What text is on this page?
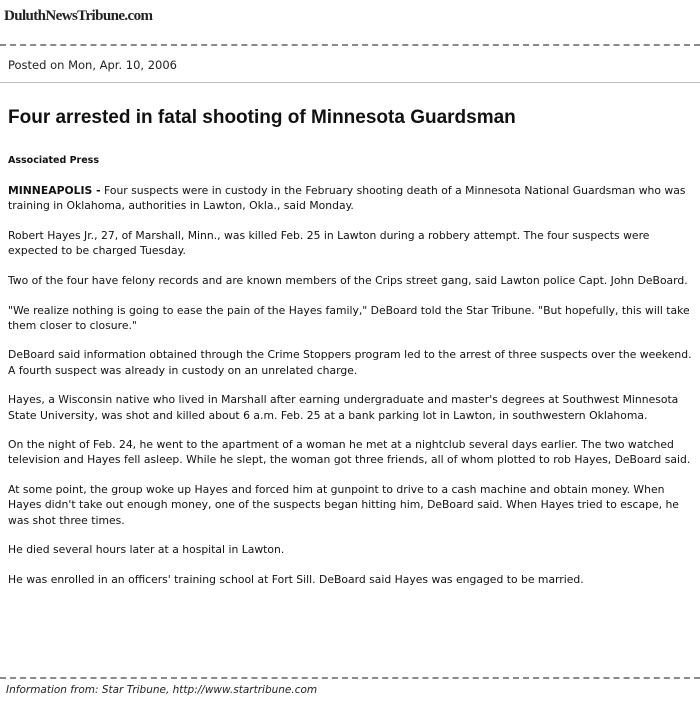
DuluthNewsTribune.com
Posted on Mon, Apr. 10, 2006
Four arrested in fatal shooting of Minnesota Guardsman
Associated Press

MINNEAPOLIS - Four suspects were in custody in the February shooting death of a Minnesota National Guardsman who was training in Oklahoma, authorities in Lawton, Okla., said Monday.

Robert Hayes Jr., 27, of Marshall, Minn., was killed Feb. 25 in Lawton during a robbery attempt. The four suspects were expected to be charged Tuesday.

Two of the four have felony records and are known members of the Crips street gang, said Lawton police Capt. John DeBoard.

"We realize nothing is going to ease the pain of the Hayes family," DeBoard told the Star Tribune. "But hopefully, this will take them closer to closure."

DeBoard said information obtained through the Crime Stoppers program led to the arrest of three suspects over the weekend. A fourth suspect was already in custody on an unrelated charge.

Hayes, a Wisconsin native who lived in Marshall after earning undergraduate and master's degrees at Southwest Minnesota State University, was shot and killed about 6 a.m. Feb. 25 at a bank parking lot in Lawton, in southwestern Oklahoma.

On the night of Feb. 24, he went to the apartment of a woman he met at a nightclub several days earlier. The two watched television and Hayes fell asleep. While he slept, the woman got three friends, all of whom plotted to rob Hayes, DeBoard said.

At some point, the group woke up Hayes and forced him at gunpoint to drive to a cash machine and obtain money. When Hayes didn't take out enough money, one of the suspects began hitting him, DeBoard said. When Hayes tried to escape, he was shot three times.

He died several hours later at a hospital in Lawton.

He was enrolled in an officers' training school at Fort Sill. DeBoard said Hayes was engaged to be married.

Information from: Star Tribune, http://www.startribune.com
